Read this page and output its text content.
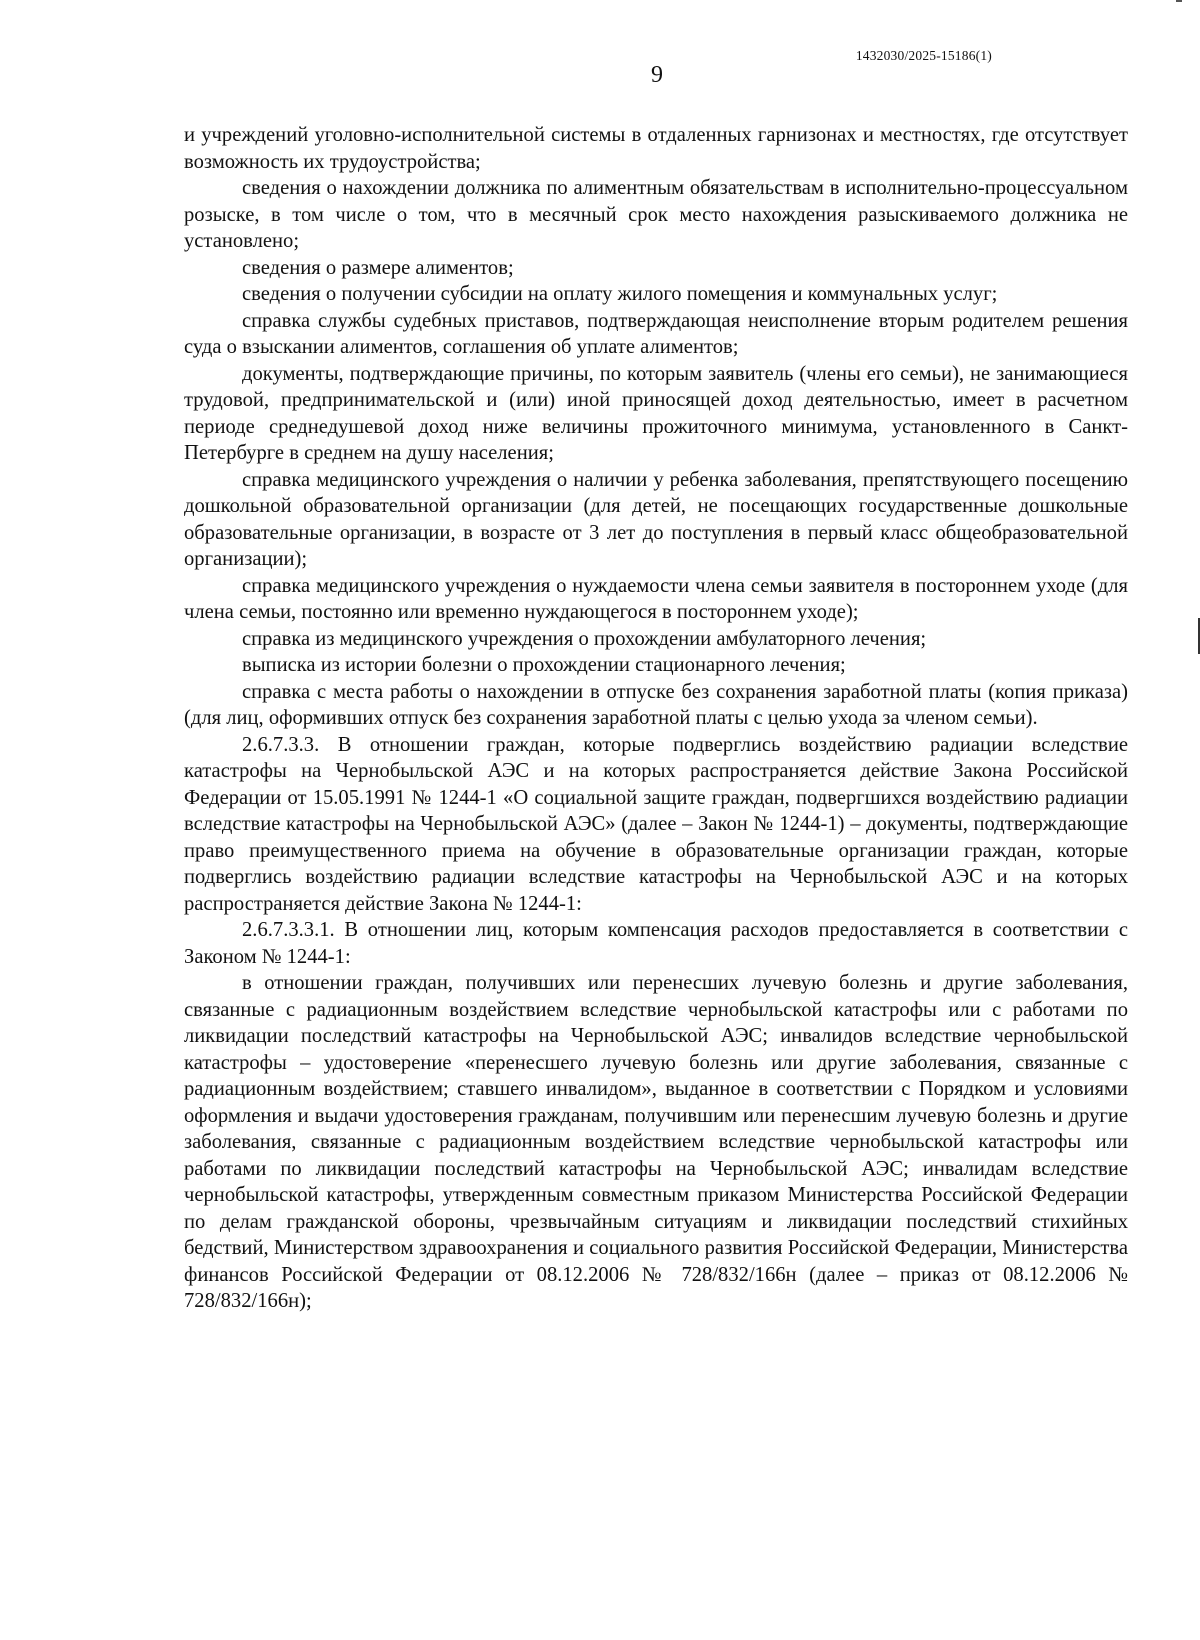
1432030/2025-15186(1)
9

и учреждений уголовно-исполнительной системы в отдаленных гарнизонах и местностях, где отсутствует возможность их трудоустройства;

сведения о нахождении должника по алиментным обязательствам в исполнительно-процессуальном розыске, в том числе о том, что в месячный срок место нахождения разыскиваемого должника не установлено;

сведения о размере алиментов;

сведения о получении субсидии на оплату жилого помещения и коммунальных услуг;

справка службы судебных приставов, подтверждающая неисполнение вторым родителем решения суда о взыскании алиментов, соглашения об уплате алиментов;

документы, подтверждающие причины, по которым заявитель (члены его семьи), не занимающиеся трудовой, предпринимательской и (или) иной приносящей доход деятельностью, имеет в расчетном периоде среднедушевой доход ниже величины прожиточного минимума, установленного в Санкт-Петербурге в среднем на душу населения;

справка медицинского учреждения о наличии у ребенка заболевания, препятствующего посещению дошкольной образовательной организации (для детей, не посещающих государственные дошкольные образовательные организации, в возрасте от 3 лет до поступления в первый класс общеобразовательной организации);

справка медицинского учреждения о нуждаемости члена семьи заявителя в постороннем уходе (для члена семьи, постоянно или временно нуждающегося в постороннем уходе);

справка из медицинского учреждения о прохождении амбулаторного лечения;

выписка из истории болезни о прохождении стационарного лечения;

справка с места работы о нахождении в отпуске без сохранения заработной платы (копия приказа) (для лиц, оформивших отпуск без сохранения заработной платы с целью ухода за членом семьи).

2.6.7.3.3. В отношении граждан, которые подверглись воздействию радиации вследствие катастрофы на Чернобыльской АЭС и на которых распространяется действие Закона Российской Федерации от 15.05.1991 № 1244-1 «О социальной защите граждан, подвергшихся воздействию радиации вследствие катастрофы на Чернобыльской АЭС» (далее – Закон № 1244-1) – документы, подтверждающие право преимущественного приема на обучение в образовательные организации граждан, которые подверглись воздействию радиации вследствие катастрофы на Чернобыльской АЭС и на которых распространяется действие Закона № 1244-1:

2.6.7.3.3.1. В отношении лиц, которым компенсация расходов предоставляется в соответствии с Законом № 1244-1:

в отношении граждан, получивших или перенесших лучевую болезнь и другие заболевания, связанные с радиационным воздействием вследствие чернобыльской катастрофы или с работами по ликвидации последствий катастрофы на Чернобыльской АЭС; инвалидов вследствие чернобыльской катастрофы – удостоверение «перенесшего лучевую болезнь или другие заболевания, связанные с радиационным воздействием; ставшего инвалидом», выданное в соответствии с Порядком и условиями оформления и выдачи удостоверения гражданам, получившим или перенесшим лучевую болезнь и другие заболевания, связанные с радиационным воздействием вследствие чернобыльской катастрофы или работами по ликвидации последствий катастрофы на Чернобыльской АЭС; инвалидам вследствие чернобыльской катастрофы, утвержденным совместным приказом Министерства Российской Федерации по делам гражданской обороны, чрезвычайным ситуациям и ликвидации последствий стихийных бедствий, Министерством здравоохранения и социального развития Российской Федерации, Министерства финансов Российской Федерации от 08.12.2006 № 728/832/166н (далее – приказ от 08.12.2006 № 728/832/166н);
